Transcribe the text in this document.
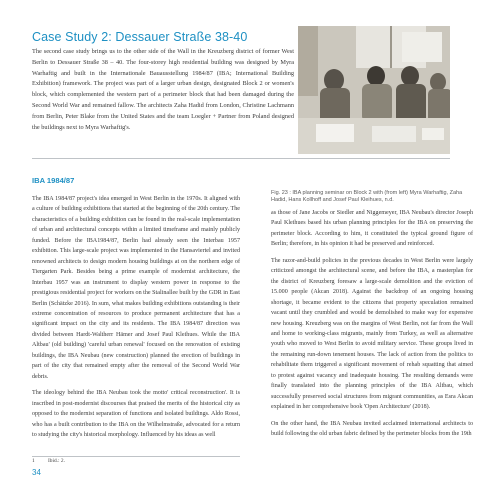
Case Study 2: Dessauer Straße 38-40
The second case study brings us to the other side of the Wall in the Kreuzberg district of former West Berlin to Dessauer Straße 38 – 40. The four-storey high residential building was designed by Myra Warhaftig and built in the Internationale Bauausstellung 1984/87 (IBA; International Building Exhibition) framework. The project was part of a larger urban design, designated Block 2 or women's block, which complemented the western part of a perimeter block that had been damaged during the Second World War and remained fallow. The architects Zaha Hadid from London, Christine Lachmann from Berlin, Peter Blake from the United States and the team Loegler + Partner from Poland designed the buildings next to Myra Warhaftig's.
IBA 1984/87

The IBA 1984/87 project's idea emerged in West Berlin in the 1970s. It aligned with a culture of building exhibitions that started at the beginning of the 20th century. The characteristics of a building exhibition can be found in the real-scale implementation of urban and architectural concepts within a limited timeframe and mainly publicly funded. Before the IBA1984/87, Berlin had already seen the Interbau 1957 exhibition. This large-scale project was implemented in the Hansaviertel and invited renowned architects to design modern housing buildings at on the northern edge of Tiergarten Park. Besides being a prime example of modernist architecture, the Interbau 1957 was an instrument to display western power in response to the prestigious residential project for workers on the Stalinallee built by the GDR in East Berlin (Schätzke 2016). In sum, what makes building exhibitions outstanding is their extreme concentration of resources to produce permanent architecture that has a significant impact on the city and its residents. The IBA 1984/87 direction was divided between Hardt-Waltherr Hämer and Josef Paul Kleihues. While the IBA Altbau' (old building) 'careful urban renewal' focused on the renovation of existing buildings, the IBA Neubau (new construction) planned the erection of buildings in part of the city that remained empty after the removal of the Second World War debris.

The ideology behind the IBA Neubau took the motto' critical reconstruction'. It is inscribed in post-modernist discourses that praised the merits of the historical city as opposed to the modernist separation of functions and isolated buildings. Aldo Rossi, who has a built contribution to the IBA on the Wilhelmstraße, advocated for a return to studying the city's historical morphology. Influenced by his ideas as well

Fig. 23 : IBA planning seminar on Block 2 with (from left) Myra Warhaftig, Zaha Hadid, Hans Kollhoff and Josef Paul Kleihues, n.d.

as those of Jane Jacobs or Siedler and Niggemeyer, IBA Neubau's director Joseph Paul Kleihues based his urban planning principles for the IBA on preserving the perimeter block. According to him, it constituted the typical ground figure of Berlin; therefore, in his opinion it had be preserved and reinforced.

The razor-and-build policies in the previous decades in West Berlin were largely criticized amongst the architectural scene, and before the IBA, a masterplan for the district of Kreuzberg foresaw a large-scale demolition and the eviction of 15.000 people (Akcan 2018). Against the backdrop of an ongoing housing shortage, it became evident to the citizens that property speculation remained vacant until they crumbled and would be demolished to make way for expensive new housing. Kreuzberg was on the margins of West Berlin, not far from the Wall and home to working-class migrants, mainly from Turkey, as well as alternative youth who moved to West Berlin to avoid military service. These groups lived in the remaining run-down tenement houses. The lack of action from the politics to rehabilitate them triggered a significant movement of rehab squatting that aimed to protest against vacancy and inadequate housing. The resulting demands were finally translated into the planning principles of the IBA Altbau, which successfully preserved social structures from migrant communities, as Esra Akcan explained in her comprehensive book 'Open Architecture' (2018).

On the other hand, the IBA Neubau invited acclaimed international architects to build following the old urban fabric defined by the perimeter blocks from the 19th

1 Ibid.: 2.
34
